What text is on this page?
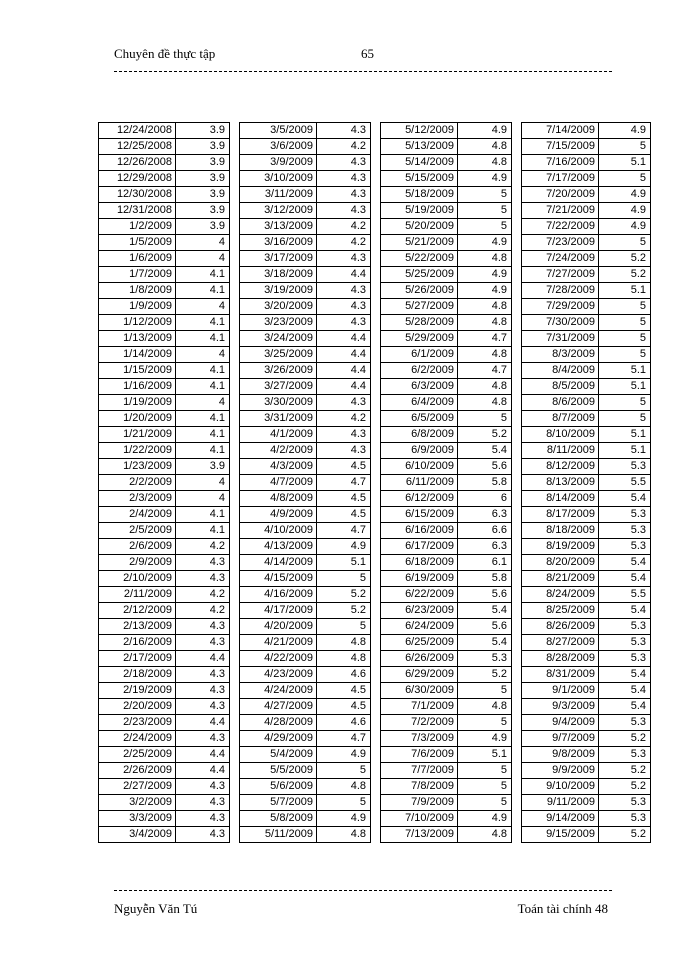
Chuyên đề thực tập	65
12/24/2008	3.9
12/25/2008	3.9
12/26/2008	3.9
12/29/2008	3.9
12/30/2008	3.9
12/31/2008	3.9
1/2/2009	3.9
1/5/2009	4
1/6/2009	4
1/7/2009	4.1
1/8/2009	4.1
1/9/2009	4
1/12/2009	4.1
1/13/2009	4.1
1/14/2009	4
1/15/2009	4.1
1/16/2009	4.1
1/19/2009	4
1/20/2009	4.1
1/21/2009	4.1
1/22/2009	4.1
1/23/2009	3.9
2/2/2009	4
2/3/2009	4
2/4/2009	4.1
2/5/2009	4.1
2/6/2009	4.2
2/9/2009	4.3
2/10/2009	4.3
2/11/2009	4.2
2/12/2009	4.2
2/13/2009	4.3
2/16/2009	4.3
2/17/2009	4.4
2/18/2009	4.3
2/19/2009	4.3
2/20/2009	4.3
2/23/2009	4.4
2/24/2009	4.3
2/25/2009	4.4
2/26/2009	4.4
2/27/2009	4.3
3/2/2009	4.3
3/3/2009	4.3
3/4/2009	4.3
3/5/2009	4.3
3/6/2009	4.2
3/9/2009	4.3
3/10/2009	4.3
3/11/2009	4.3
3/12/2009	4.3
3/13/2009	4.2
3/16/2009	4.2
3/17/2009	4.3
3/18/2009	4.4
3/19/2009	4.3
3/20/2009	4.3
3/23/2009	4.3
3/24/2009	4.4
3/25/2009	4.4
3/26/2009	4.4
3/27/2009	4.4
3/30/2009	4.3
3/31/2009	4.2
4/1/2009	4.3
4/2/2009	4.3
4/3/2009	4.5
4/7/2009	4.7
4/8/2009	4.5
4/9/2009	4.5
4/10/2009	4.7
4/13/2009	4.9
4/14/2009	5.1
4/15/2009	5
4/16/2009	5.2
4/17/2009	5.2
4/20/2009	5
4/21/2009	4.8
4/22/2009	4.8
4/23/2009	4.6
4/24/2009	4.5
4/27/2009	4.5
4/28/2009	4.6
4/29/2009	4.7
5/4/2009	4.9
5/5/2009	5
5/6/2009	4.8
5/7/2009	5
5/8/2009	4.9
5/11/2009	4.8
5/12/2009	4.9
5/13/2009	4.8
5/14/2009	4.8
5/15/2009	4.9
5/18/2009	5
5/19/2009	5
5/20/2009	5
5/21/2009	4.9
5/22/2009	4.8
5/25/2009	4.9
5/26/2009	4.9
5/27/2009	4.8
5/28/2009	4.8
5/29/2009	4.7
6/1/2009	4.8
6/2/2009	4.7
6/3/2009	4.8
6/4/2009	4.8
6/5/2009	5
6/8/2009	5.2
6/9/2009	5.4
6/10/2009	5.6
6/11/2009	5.8
6/12/2009	6
6/15/2009	6.3
6/16/2009	6.6
6/17/2009	6.3
6/18/2009	6.1
6/19/2009	5.8
6/22/2009	5.6
6/23/2009	5.4
6/24/2009	5.6
6/25/2009	5.4
6/26/2009	5.3
6/29/2009	5.2
6/30/2009	5
7/1/2009	4.8
7/2/2009	5
7/3/2009	4.9
7/6/2009	5.1
7/7/2009	5
7/8/2009	5
7/9/2009	5
7/10/2009	4.9
7/13/2009	4.8
7/14/2009	4.9
7/15/2009	5
7/16/2009	5.1
7/17/2009	5
7/20/2009	4.9
7/21/2009	4.9
7/22/2009	4.9
7/23/2009	5
7/24/2009	5.2
7/27/2009	5.2
7/28/2009	5.1
7/29/2009	5
7/30/2009	5
7/31/2009	5
8/3/2009	5
8/4/2009	5.1
8/5/2009	5.1
8/6/2009	5
8/7/2009	5
8/10/2009	5.1
8/11/2009	5.1
8/12/2009	5.3
8/13/2009	5.5
8/14/2009	5.4
8/17/2009	5.3
8/18/2009	5.3
8/19/2009	5.3
8/20/2009	5.4
8/21/2009	5.4
8/24/2009	5.5
8/25/2009	5.4
8/26/2009	5.3
8/27/2009	5.3
8/28/2009	5.3
8/31/2009	5.4
9/1/2009	5.4
9/3/2009	5.4
9/4/2009	5.3
9/7/2009	5.2
9/8/2009	5.3
9/9/2009	5.2
9/10/2009	5.2
9/11/2009	5.3
9/14/2009	5.3
9/15/2009	5.2
Nguyễn Văn Tú	Toán tài chính 48
